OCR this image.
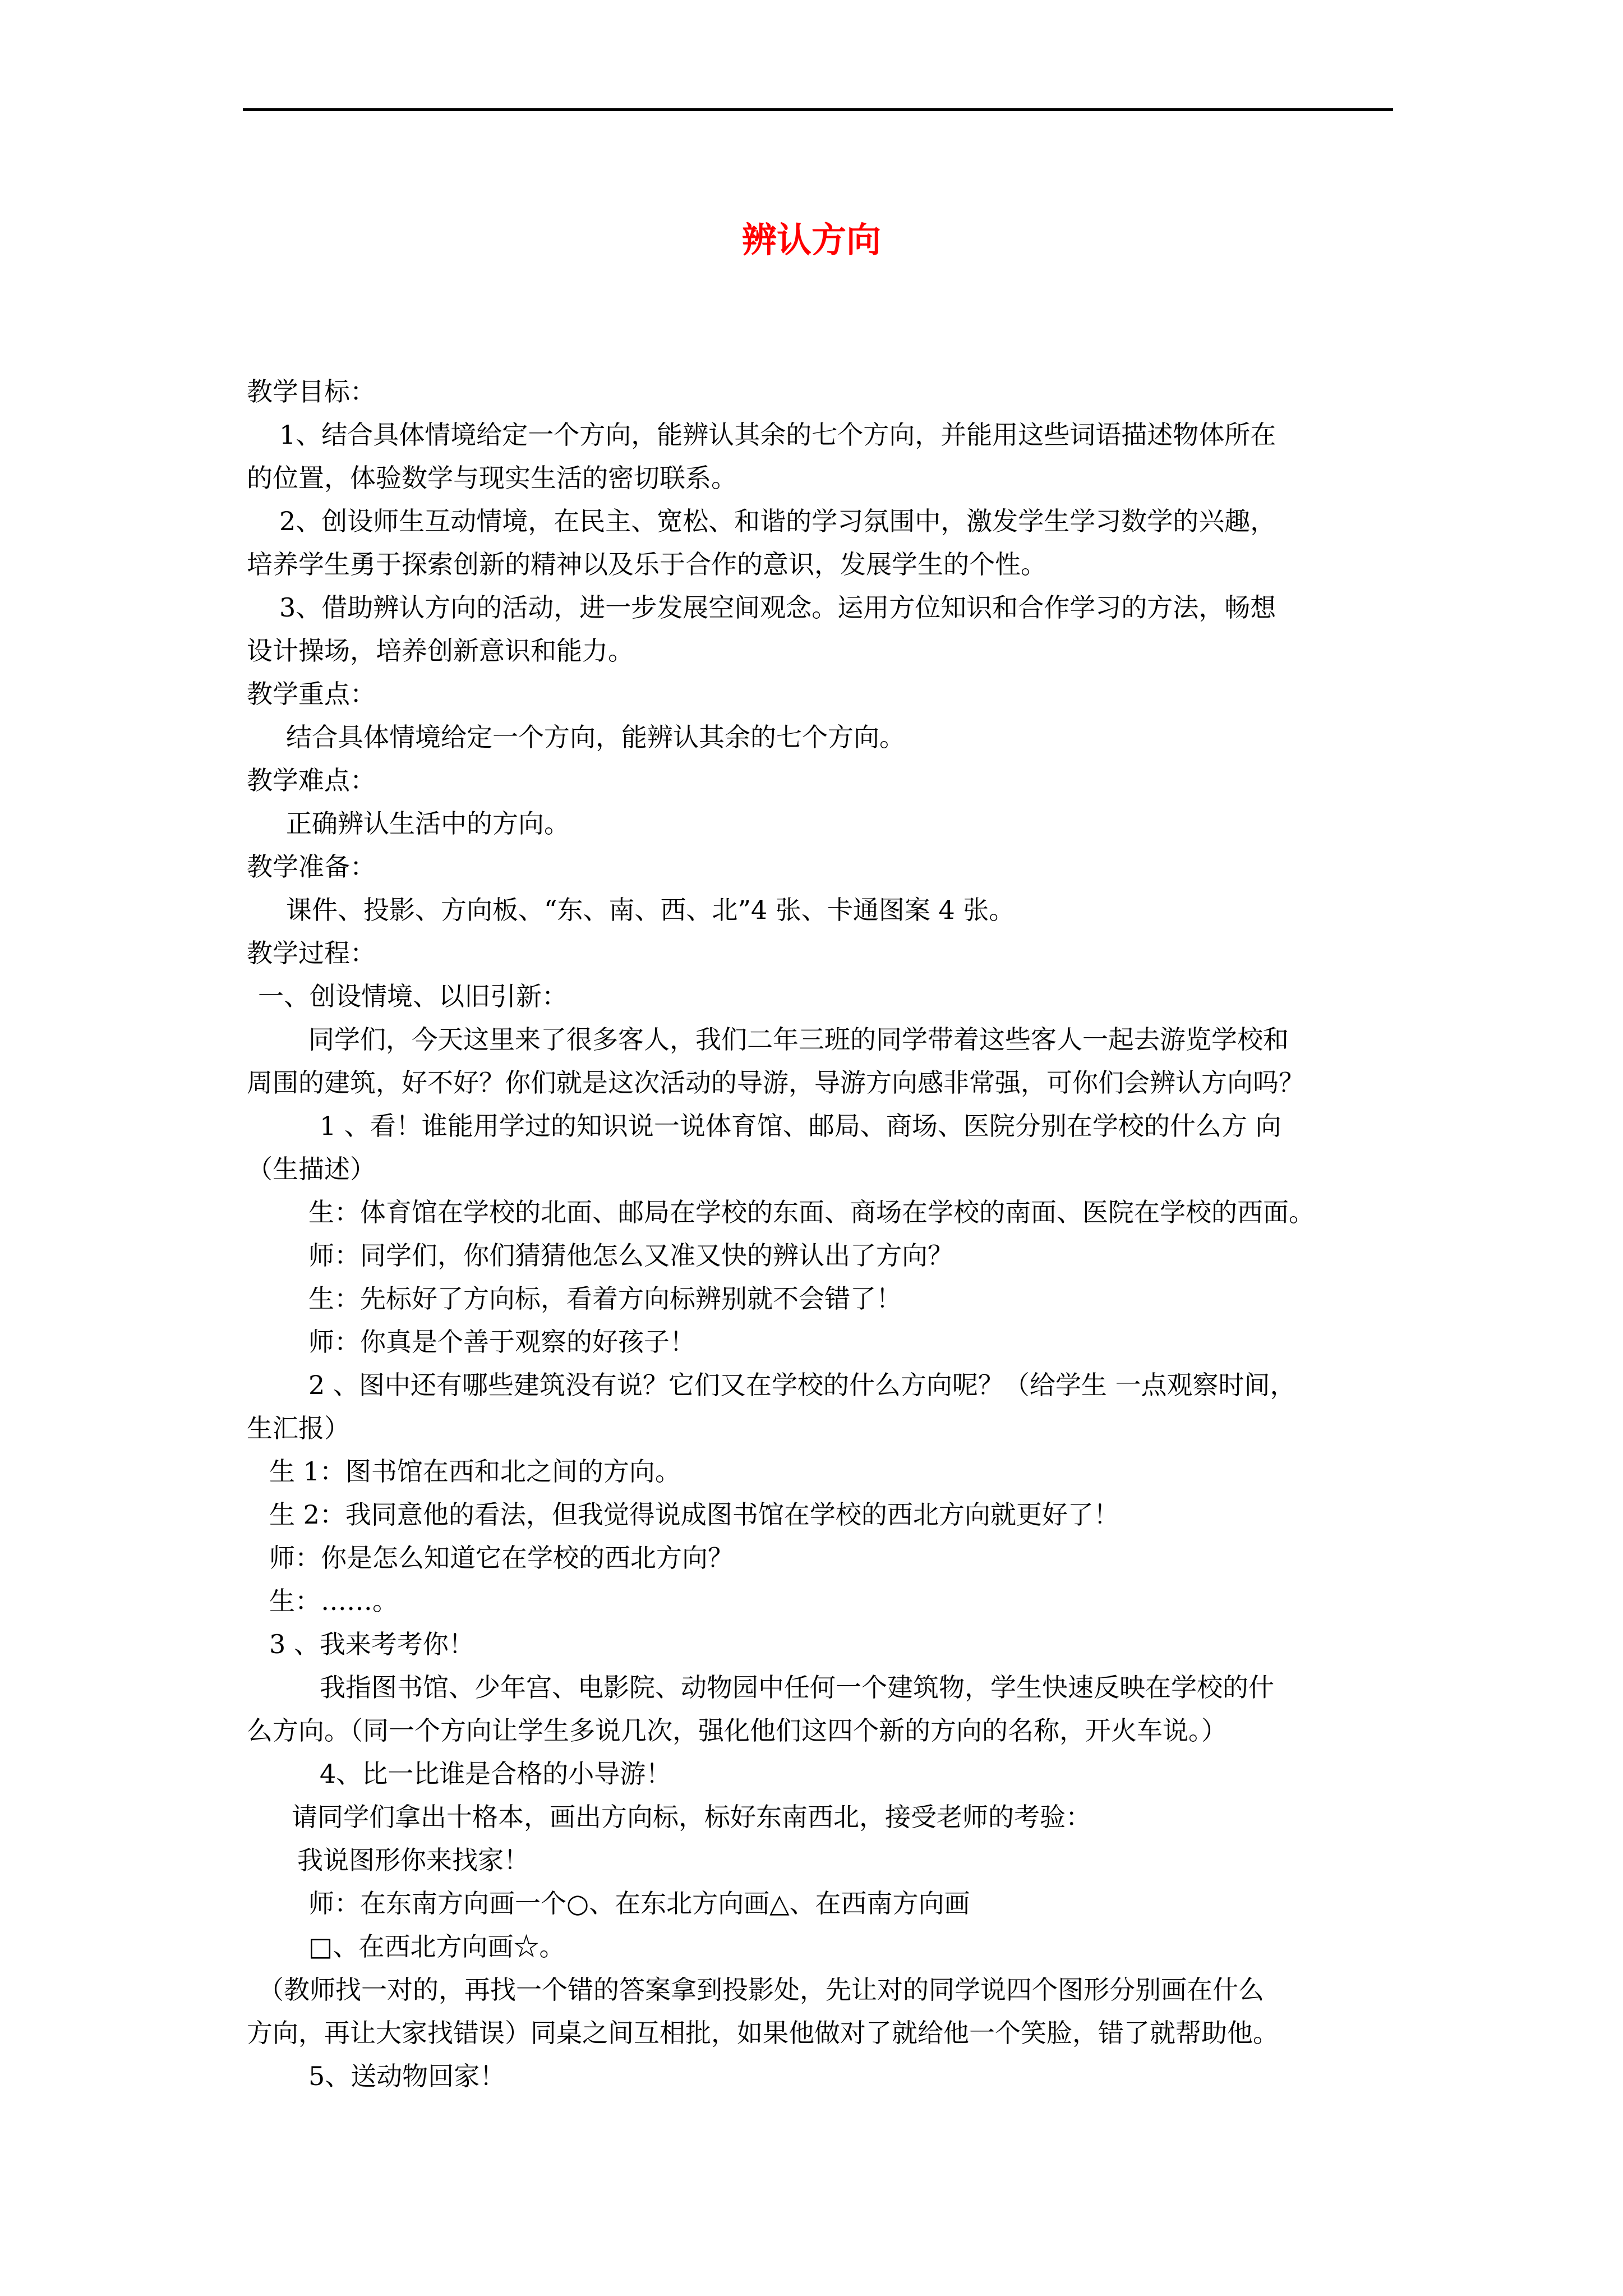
辨认方向
教学目标：
1、结合具体情境给定一个方向，能辨认其余的七个方向，并能用这些词语描述物体所在
的位置，体验数学与现实生活的密切联系。
2、创设师生互动情境，在民主、宽松、和谐的学习氛围中，激发学生学习数学的兴趣，
培养学生勇于探索创新的精神以及乐于合作的意识，发展学生的个性。
3、借助辨认方向的活动，进一步发展空间观念。运用方位知识和合作学习的方法，畅想
设计操场，培养创新意识和能力。
教学重点：
结合具体情境给定一个方向，能辨认其余的七个方向。
教学难点：
正确辨认生活中的方向。
教学准备：
课件、投影、方向板、“东、南、西、北”4 张、卡通图案 4 张。
教学过程：
一、创设情境、以旧引新：
同学们，今天这里来了很多客人，我们二年三班的同学带着这些客人一起去游览学校和
周围的建筑，好不好？你们就是这次活动的导游，导游方向感非常强，可你们会辨认方向吗？
1 、看！谁能用学过的知识说一说体育馆、邮局、商场、医院分别在学校的什么方 向
（生描述）
生：体育馆在学校的北面、邮局在学校的东面、商场在学校的南面、医院在学校的西面。
师：同学们，你们猜猜他怎么又准又快的辨认出了方向？
生：先标好了方向标，看着方向标辨别就不会错了！
师：你真是个善于观察的好孩子！
2 、图中还有哪些建筑没有说？它们又在学校的什么方向呢？（给学生 一点观察时间，
生汇报）
生 1：图书馆在西和北之间的方向。
生 2：我同意他的看法，但我觉得说成图书馆在学校的西北方向就更好了！
师：你是怎么知道它在学校的西北方向？
生：……。
3 、我来考考你！
我指图书馆、少年宫、电影院、动物园中任何一个建筑物，学生快速反映在学校的什
么方向。（同一个方向让学生多说几次，强化他们这四个新的方向的名称，开火车说。）
4、比一比谁是合格的小导游！
请同学们拿出十格本，画出方向标，标好东南西北，接受老师的考验：
我说图形你来找家！
师：在东南方向画一个○、在东北方向画△、在西南方向画
□、在西北方向画☆。
（教师找一对的，再找一个错的答案拿到投影处，先让对的同学说四个图形分别画在什么
方向，再让大家找错误）同桌之间互相批，如果他做对了就给他一个笑脸，错了就帮助他。
5、送动物回家！
